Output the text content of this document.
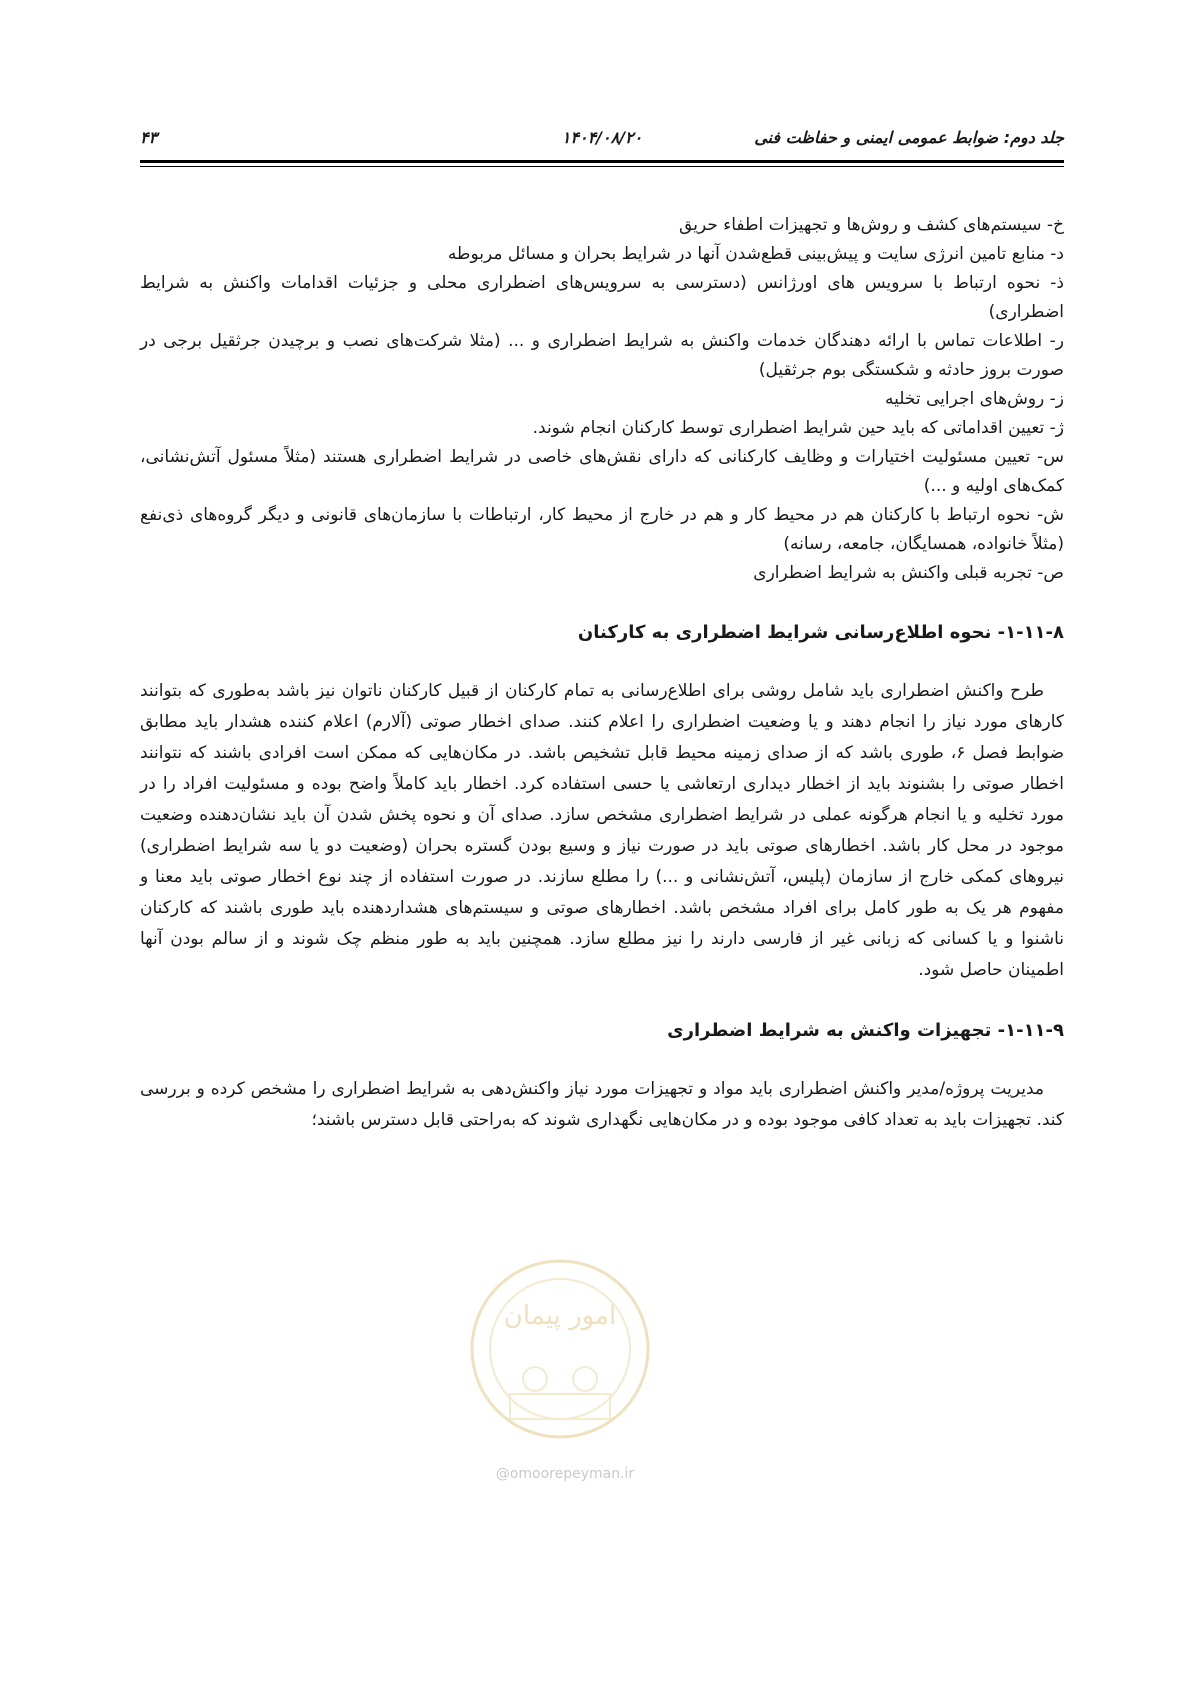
جلد دوم: ضوابط عمومی ایمنی و حفاظت فنی
۱۴۰۴/۰۸/۲۰
۴۳

خ- سیستم‌های کشف و روش‌ها و تجهیزات اطفاء حریق

د- منابع تامین انرژی سایت و پیش‌بینی قطع‌شدن آنها در شرایط بحران و مسائل مربوطه

ذ- نحوه ارتباط با سرویس های اورژانس (دسترسی به سرویس‌های اضطراری محلی و جزئیات اقدامات واکنش به شرایط اضطراری)

ر- اطلاعات تماس با ارائه دهندگان خدمات واکنش به شرایط اضطراری و ... (مثلا شرکت‌های نصب و برچیدن جرثقیل برجی در صورت بروز حادثه و شکستگی بوم جرثقیل)

ز- روش‌های اجرایی تخلیه

ژ- تعیین اقداماتی که باید حین شرایط اضطراری توسط کارکنان انجام شوند.

س- تعیین مسئولیت اختیارات و وظایف کارکنانی که دارای نقش‌های خاصی در شرایط اضطراری هستند (مثلاً مسئول آتش‌نشانی، کمک‌های اولیه و ...)

ش- نحوه ارتباط با کارکنان هم در محیط کار و هم در خارج از محیط کار، ارتباطات با سازمان‌های قانونی و دیگر گروه‌های ذی‌نفع (مثلاً خانواده، همسایگان، جامعه، رسانه)

ص- تجربه قبلی واکنش به شرایط اضطراری

۱-۱۱-۸- نحوه اطلاع‌رسانی شرایط اضطراری به کارکنان

طرح واکنش اضطراری باید شامل روشی برای اطلاع‌رسانی به تمام کارکنان از قبیل کارکنان ناتوان نیز باشد به‌طوری که بتوانند کارهای مورد نیاز را انجام دهند و یا وضعیت اضطراری را اعلام کنند. صدای اخطار صوتی (آلارم) اعلام کننده هشدار باید مطابق ضوابط فصل ۶، طوری باشد که از صدای زمینه محیط قابل تشخیص باشد. در مکان‌هایی که ممکن است افرادی باشند که نتوانند اخطار صوتی را بشنوند باید از اخطار دیداری ارتعاشی یا حسی استفاده کرد. اخطار باید کاملاً واضح بوده و مسئولیت افراد را در مورد تخلیه و یا انجام هرگونه عملی در شرایط اضطراری مشخص سازد. صدای آن و نحوه پخش شدن آن باید نشان‌دهنده وضعیت موجود در محل کار باشد. اخطارهای صوتی باید در صورت نیاز و وسیع بودن گستره بحران (وضعیت دو یا سه شرایط اضطراری) نیروهای کمکی خارج از سازمان (پلیس، آتش‌نشانی و ...) را مطلع سازند. در صورت استفاده از چند نوع اخطار صوتی باید معنا و مفهوم هر یک به طور کامل برای افراد مشخص باشد. اخطارهای صوتی و سیستم‌های هشداردهنده باید طوری باشند که کارکنان ناشنوا و یا کسانی که زبانی غیر از فارسی دارند را نیز مطلع سازد. همچنین باید به طور منظم چک شوند و از سالم بودن آنها اطمینان حاصل شود.

۱-۱۱-۹- تجهیزات واکنش به شرایط اضطراری

مدیریت پروژه/مدیر واکنش اضطراری باید مواد و تجهیزات مورد نیاز واکنش‌دهی به شرایط اضطراری را مشخص کرده و بررسی کند. تجهیزات باید به تعداد کافی موجود بوده و در مکان‌هایی نگهداری شوند که به‌راحتی قابل دسترس باشند؛

امور پیمان
@omoorepeyman.ir
